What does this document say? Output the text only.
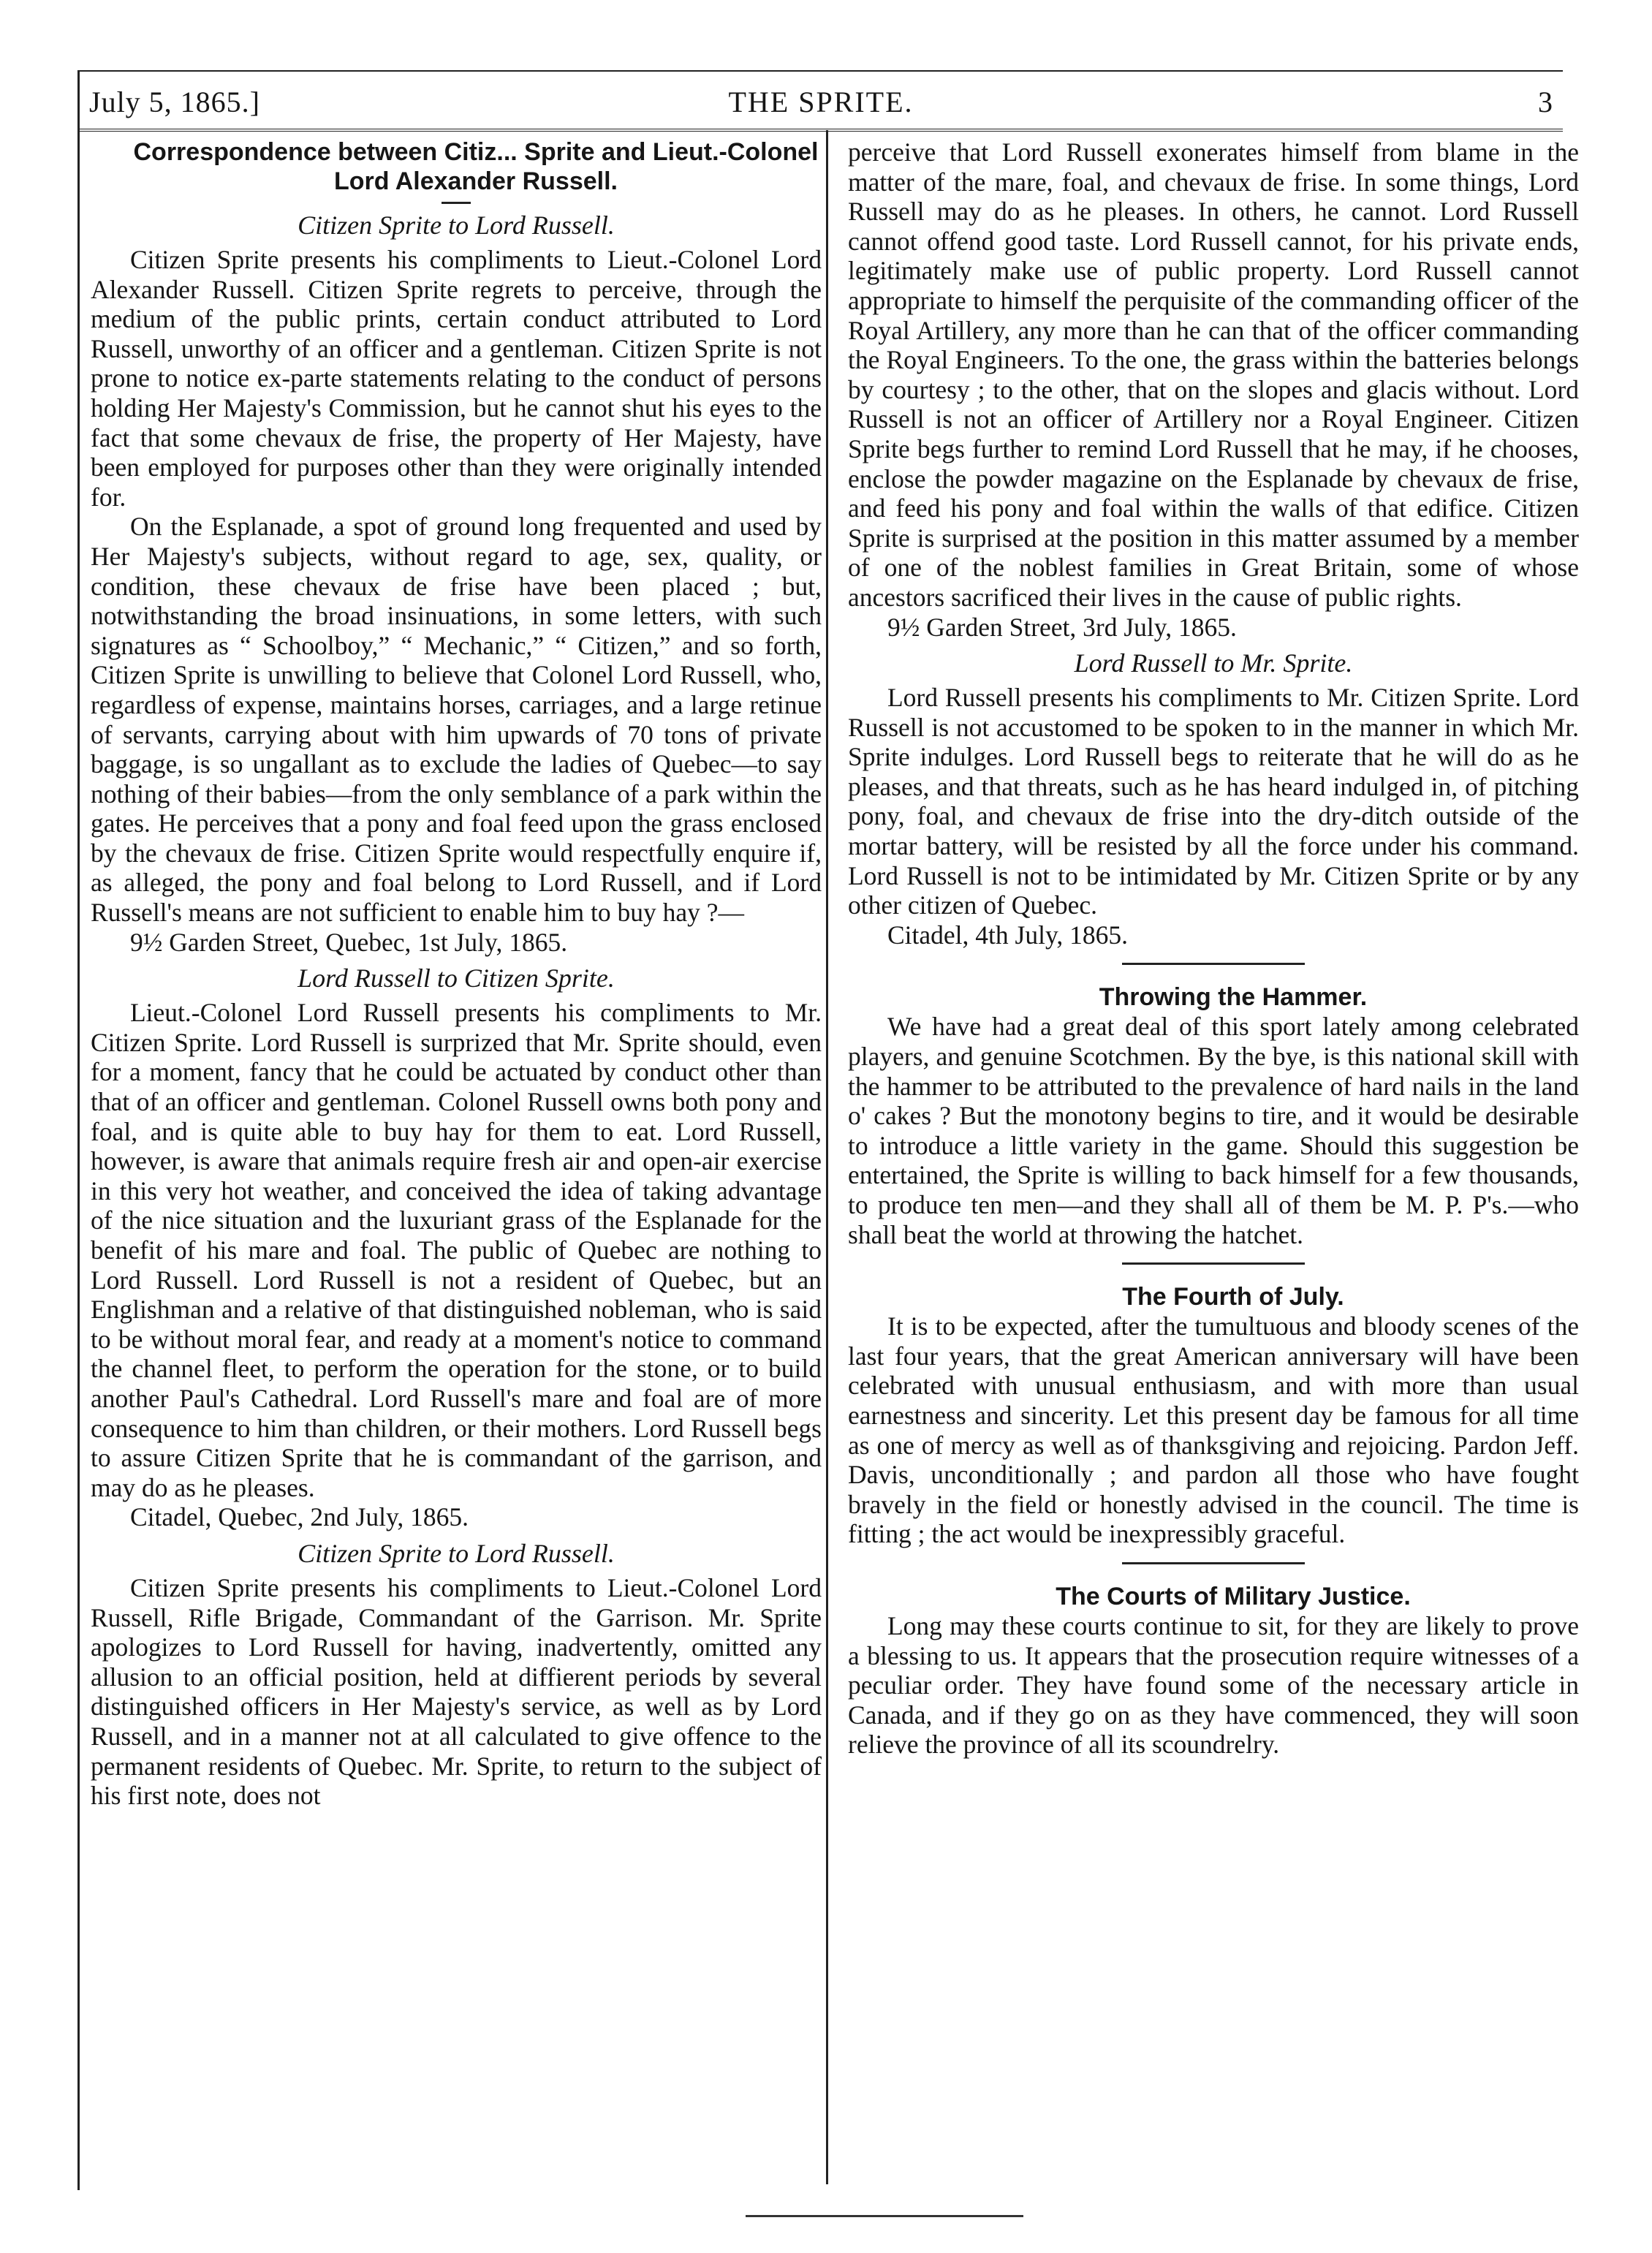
July 5, 1865.]	THE SPRITE.	3

Correspondence between Citiz... Sprite and Lieut.-Colonel

Lord Alexander Russell.

Citizen Sprite to Lord Russell.

Citizen Sprite presents his compliments to Lieut.-Colonel Lord Alexander Russell. Citizen Sprite regrets to perceive, through the medium of the public prints, certain conduct attributed to Lord Russell, unworthy of an officer and a gentleman. Citizen Sprite is not prone to notice ex-parte statements relating to the conduct of persons holding Her Majesty's Commission, but he cannot shut his eyes to the fact that some chevaux de frise, the property of Her Majesty, have been employed for purposes other than they were originally intended for.

On the Esplanade, a spot of ground long frequented and used by Her Majesty's subjects, without regard to age, sex, quality, or condition, these chevaux de frise have been placed ; but, notwithstanding the broad insinuations, in some letters, with such signatures as “ Schoolboy,” “ Mechanic,” “ Citizen,” and so forth, Citizen Sprite is unwilling to believe that Colonel Lord Russell, who, regardless of expense, maintains horses, carriages, and a large retinue of servants, carrying about with him upwards of 70 tons of private baggage, is so ungallant as to exclude the ladies of Quebec—to say nothing of their babies—from the only semblance of a park within the gates. He perceives that a pony and foal feed upon the grass enclosed by the chevaux de frise. Citizen Sprite would respectfully enquire if, as alleged, the pony and foal belong to Lord Russell, and if Lord Russell's means are not sufficient to enable him to buy hay ?—

9½ Garden Street, Quebec, 1st July, 1865.

Lord Russell to Citizen Sprite.

Lieut.-Colonel Lord Russell presents his compliments to Mr. Citizen Sprite. Lord Russell is surprized that Mr. Sprite should, even for a moment, fancy that he could be actuated by conduct other than that of an officer and gentleman. Colonel Russell owns both pony and foal, and is quite able to buy hay for them to eat. Lord Russell, however, is aware that animals require fresh air and open-air exercise in this very hot weather, and conceived the idea of taking advantage of the nice situation and the luxuriant grass of the Esplanade for the benefit of his mare and foal. The public of Quebec are nothing to Lord Russell. Lord Russell is not a resident of Quebec, but an Englishman and a relative of that distinguished nobleman, who is said to be without moral fear, and ready at a moment's notice to command the channel fleet, to perform the operation for the stone, or to build another Paul's Cathedral. Lord Russell's mare and foal are of more consequence to him than children, or their mothers. Lord Russell begs to assure Citizen Sprite that he is commandant of the garrison, and may do as he pleases.

Citadel, Quebec, 2nd July, 1865.

Citizen Sprite to Lord Russell.

Citizen Sprite presents his compliments to Lieut.-Colonel Lord Russell, Rifle Brigade, Commandant of the Garrison. Mr. Sprite apologizes to Lord Russell for having, inadvertently, omitted any allusion to an official position, held at diffierent periods by several distinguished officers in Her Majesty's service, as well as by Lord Russell, and in a manner not at all calculated to give offence to the permanent residents of Quebec. Mr. Sprite, to return to the subject of his first note, does not

perceive that Lord Russell exonerates himself from blame in the matter of the mare, foal, and chevaux de frise. In some things, Lord Russell may do as he pleases. In others, he cannot. Lord Russell cannot offend good taste. Lord Russell cannot, for his private ends, legitimately make use of public property. Lord Russell cannot appropriate to himself the perquisite of the commanding officer of the Royal Artillery, any more than he can that of the officer commanding the Royal Engineers. To the one, the grass within the batteries belongs by courtesy ; to the other, that on the slopes and glacis without. Lord Russell is not an officer of Artillery nor a Royal Engineer. Citizen Sprite begs further to remind Lord Russell that he may, if he chooses, enclose the powder magazine on the Esplanade by chevaux de frise, and feed his pony and foal within the walls of that edifice. Citizen Sprite is surprised at the position in this matter assumed by a member of one of the noblest families in Great Britain, some of whose ancestors sacrificed their lives in the cause of public rights.

9½ Garden Street, 3rd July, 1865.

Lord Russell to Mr. Sprite.

Lord Russell presents his compliments to Mr. Citizen Sprite. Lord Russell is not accustomed to be spoken to in the manner in which Mr. Sprite indulges. Lord Russell begs to reiterate that he will do as he pleases, and that threats, such as he has heard indulged in, of pitching pony, foal, and chevaux de frise into the dry-ditch outside of the mortar battery, will be resisted by all the force under his command. Lord Russell is not to be intimidated by Mr. Citizen Sprite or by any other citizen of Quebec.

Citadel, 4th July, 1865.

Throwing the Hammer.

We have had a great deal of this sport lately among celebrated players, and genuine Scotchmen. By the bye, is this national skill with the hammer to be attributed to the prevalence of hard nails in the land o' cakes ? But the monotony begins to tire, and it would be desirable to introduce a little variety in the game. Should this suggestion be entertained, the Sprite is willing to back himself for a few thousands, to produce ten men—and they shall all of them be M. P. P's.—who shall beat the world at throwing the hatchet.

The Fourth of July.

It is to be expected, after the tumultuous and bloody scenes of the last four years, that the great American anniversary will have been celebrated with unusual enthusiasm, and with more than usual earnestness and sincerity. Let this present day be famous for all time as one of mercy as well as of thanksgiving and rejoicing. Pardon Jeff. Davis, unconditionally ; and pardon all those who have fought bravely in the field or honestly advised in the council. The time is fitting ; the act would be inexpressibly graceful.

The Courts of Military Justice.

Long may these courts continue to sit, for they are likely to prove a blessing to us. It appears that the prosecution require witnesses of a peculiar order. They have found some of the necessary article in Canada, and if they go on as they have commenced, they will soon relieve the province of all its scoundrelry.
